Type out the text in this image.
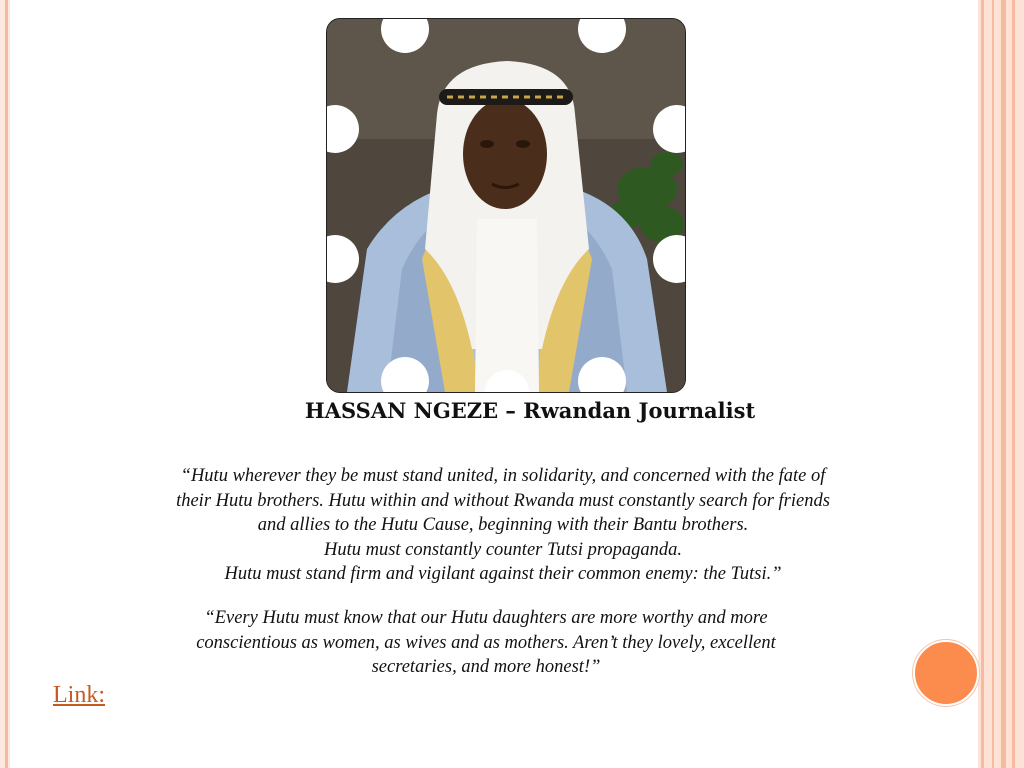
HASSAN NGEZE – Rwandan Journalist

“Hutu wherever they be must stand united, in solidarity, and concerned with the fate of

their Hutu brothers. Hutu within and without Rwanda must constantly search for friends

and allies to the Hutu Cause, beginning with their Bantu brothers.

Hutu must constantly counter Tutsi propaganda.

Hutu must stand firm and vigilant against their common enemy: the Tutsi.”

“Every Hutu must know that our Hutu daughters are more worthy and more

conscientious as women, as wives and as mothers. Aren’t they lovely, excellent

secretaries, and more honest!”

Link:
